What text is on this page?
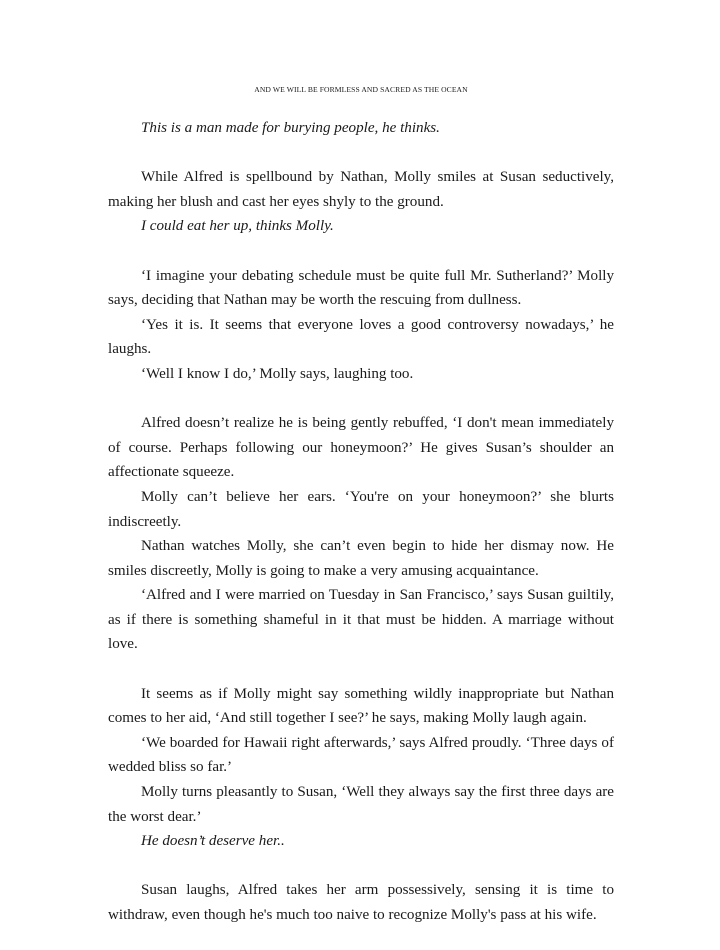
AND WE WILL BE FORMLESS AND SACRED AS THE OCEAN

This is a man made for burying people, he thinks.

While Alfred is spellbound by Nathan, Molly smiles at Susan seductively, making her blush and cast her eyes shyly to the ground.

I could eat her up, thinks Molly.

‘I imagine your debating schedule must be quite full Mr. Sutherland?’ Molly says, deciding that Nathan may be worth the rescuing from dullness.

‘Yes it is. It seems that everyone loves a good controversy nowadays,’ he laughs.

‘Well I know I do,’ Molly says, laughing too.

Alfred doesn’t realize he is being gently rebuffed, ‘I don't mean immediately of course. Perhaps following our honeymoon?’ He gives Susan’s shoulder an affectionate squeeze.

Molly can’t believe her ears. ‘You're on your honeymoon?’ she blurts indiscreetly.

Nathan watches Molly, she can’t even begin to hide her dismay now. He smiles discreetly, Molly is going to make a very amusing acquaintance.

‘Alfred and I were married on Tuesday in San Francisco,’ says Susan guiltily, as if there is something shameful in it that must be hidden. A marriage without love.

It seems as if Molly might say something wildly inappropriate but Nathan comes to her aid, ‘And still together I see?’ he says, making Molly laugh again.

‘We boarded for Hawaii right afterwards,’ says Alfred proudly. ‘Three days of wedded bliss so far.’

Molly turns pleasantly to Susan, ‘Well they always say the first three days are the worst dear.’

He doesn’t deserve her..

Susan laughs, Alfred takes her arm possessively, sensing it is time to withdraw, even though he's much too naive to recognize Molly's pass at his wife.
